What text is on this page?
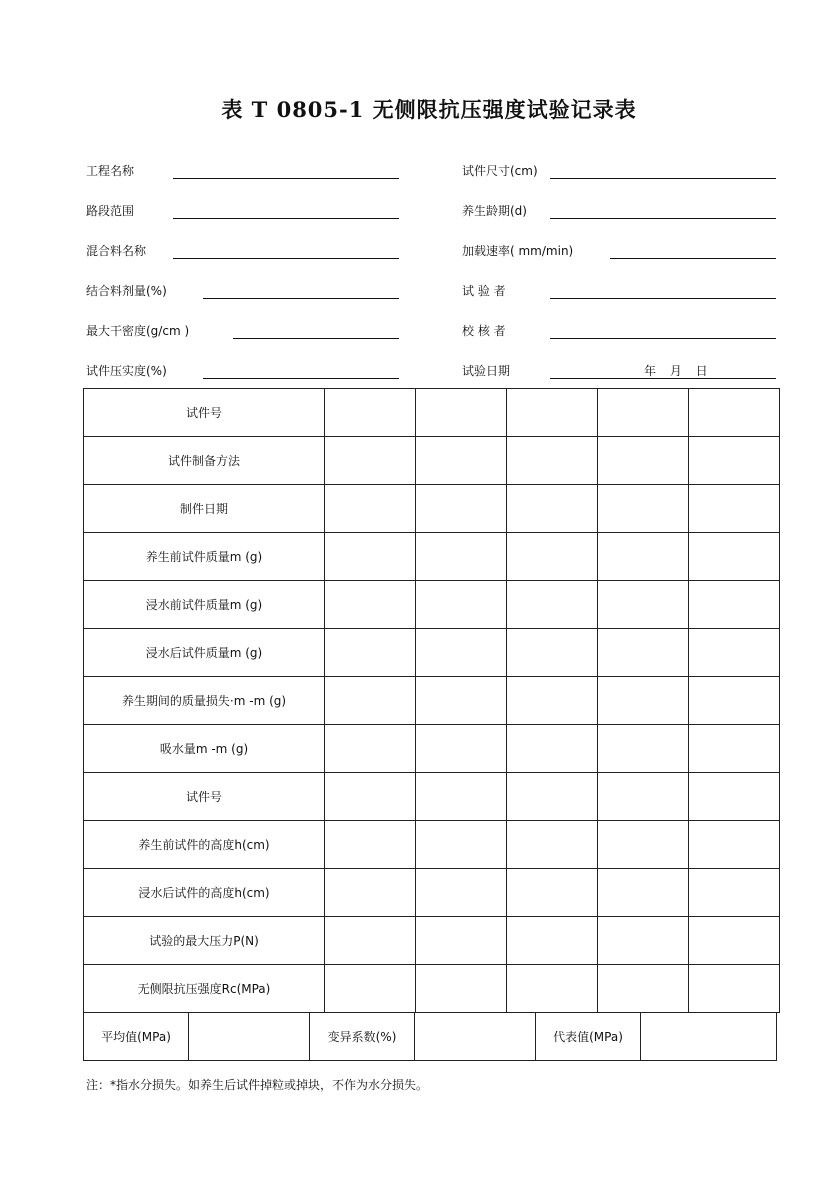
表 T 0805-1 无侧限抗压强度试验记录表
工程名称	试件尺寸(cm)
路段范围	养生龄期(d)
混合料名称	加载速率( mm/min)
结合料剂量(%)	试 验 者
最大干密度(g/cm )	校 核 者
试件压实度(%)	试验日期	年 月 日
试件号					
试件制备方法					
制件日期					
养生前试件质量m (g)					
浸水前试件质量m (g)					
浸水后试件质量m (g)					
养生期间的质量损失·m -m (g)					
吸水量m -m (g)					
试件号					
养生前试件的高度h(cm)					
浸水后试件的高度h(cm)					
试验的最大压力P(N)					
无侧限抗压强度Rc(MPa)					
平均值(MPa)		变异系数(%)		代表值(MPa)	
注：*指水分损失。如养生后试件掉粒或掉块，不作为水分损失。
